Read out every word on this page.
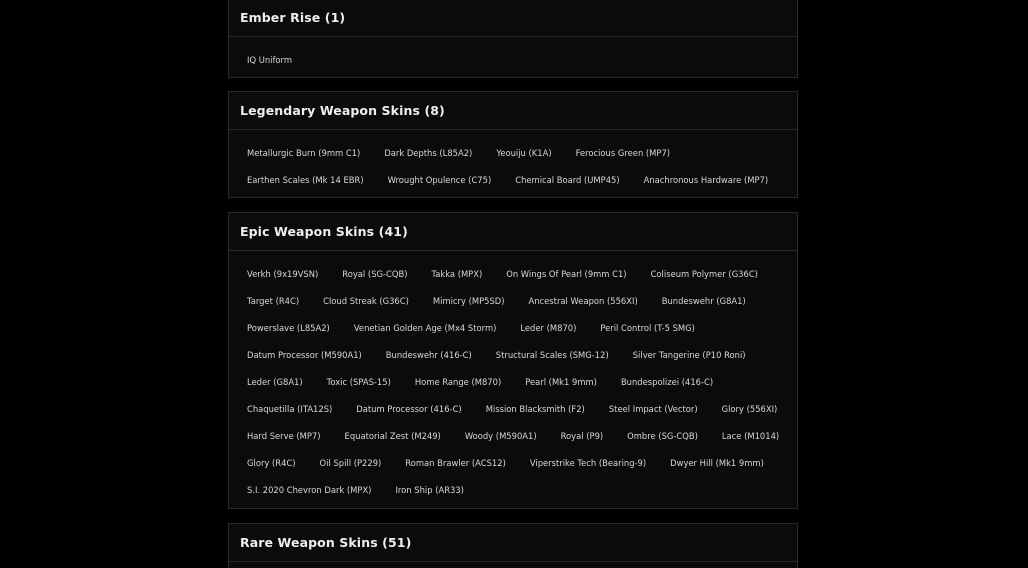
Ember Rise (1)
IQ Uniform
Legendary Weapon Skins (8)
Metallurgic Burn (9mm C1)	Dark Depths (L85A2)	Yeouiju (K1A)	Ferocious Green (MP7)
Earthen Scales (Mk 14 EBR)	Wrought Opulence (C75)	Chemical Board (UMP45)	Anachronous Hardware (MP7)
Epic Weapon Skins (41)
Verkh (9x19VSN)	Royal (SG-CQB)	Takka (MPX)	On Wings Of Pearl (9mm C1)	Coliseum Polymer (G36C)
Target (R4C)	Cloud Streak (G36C)	Mimicry (MP5SD)	Ancestral Weapon (556XI)	Bundeswehr (G8A1)
Powerslave (L85A2)	Venetian Golden Age (Mx4 Storm)	Leder (M870)	Peril Control (T-5 SMG)
Datum Processor (M590A1)	Bundeswehr (416-C)	Structural Scales (SMG-12)	Silver Tangerine (P10 Roni)
Leder (G8A1)	Toxic (SPAS-15)	Home Range (M870)	Pearl (Mk1 9mm)	Bundespolizei (416-C)
Chaquetilla (ITA12S)	Datum Processor (416-C)	Mission Blacksmith (F2)	Steel Impact (Vector)	Glory (556XI)
Hard Serve (MP7)	Equatorial Zest (M249)	Woody (M590A1)	Royal (P9)	Ombre (SG-CQB)	Lace (M1014)
Glory (R4C)	Oil Spill (P229)	Roman Brawler (ACS12)	Viperstrike Tech (Bearing-9)	Dwyer Hill (Mk1 9mm)
S.I. 2020 Chevron Dark (MPX)	Iron Ship (AR33)
Rare Weapon Skins (51)
